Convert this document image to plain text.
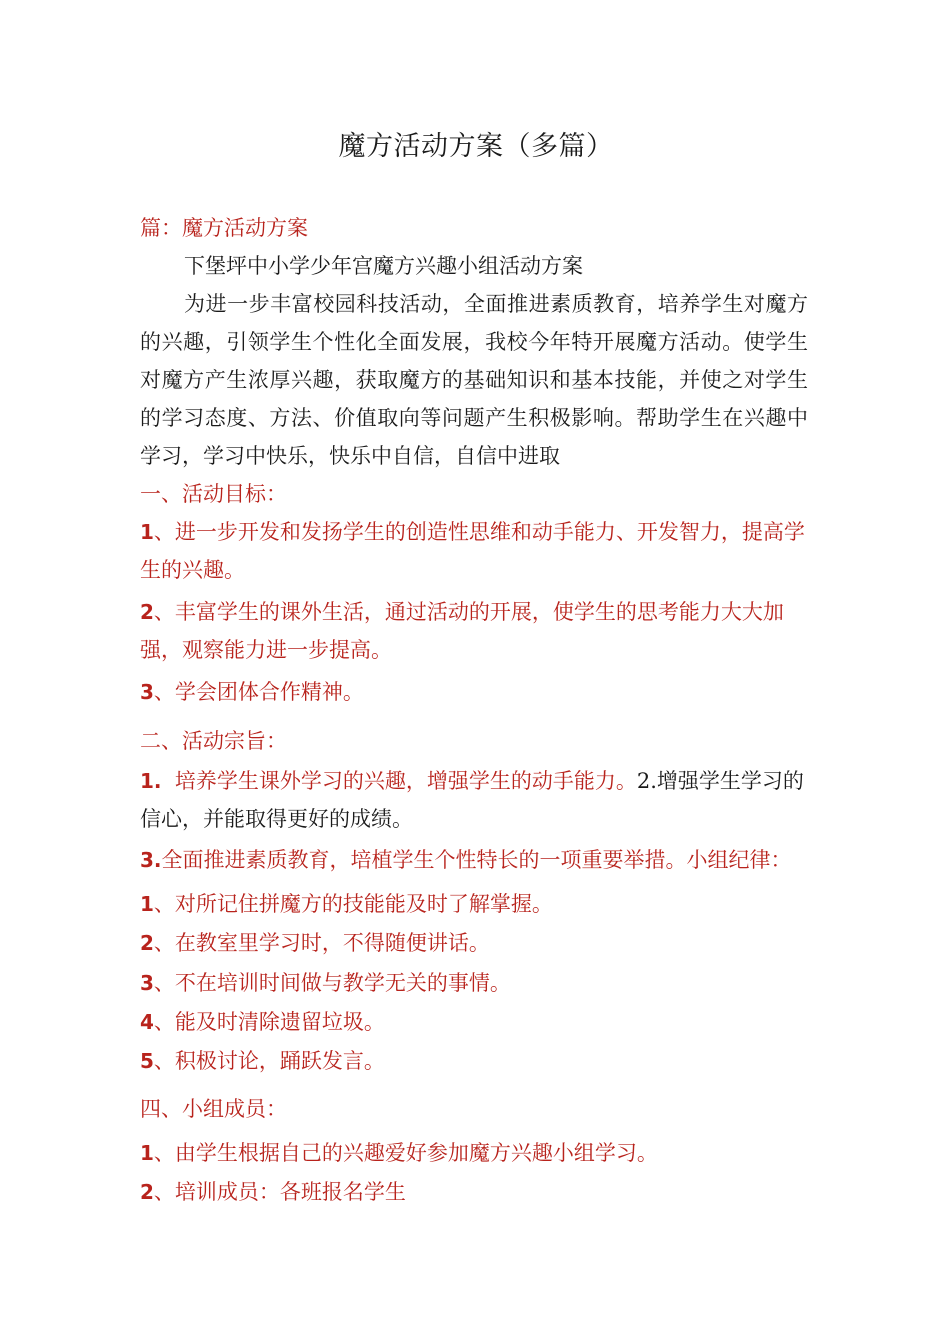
魔方活动方案（多篇）
篇：魔方活动方案
下堡坪中小学少年宫魔方兴趣小组活动方案
为进一步丰富校园科技活动，全面推进素质教育，培养学生对魔方的兴趣，引领学生个性化全面发展，我校今年特开展魔方活动。使学生对魔方产生浓厚兴趣，获取魔方的基础知识和基本技能，并使之对学生的学习态度、方法、价值取向等问题产生积极影响。帮助学生在兴趣中学习，学习中快乐，快乐中自信，自信中进取
一、活动目标：
1、进一步开发和发扬学生的创造性思维和动手能力、开发智力，提高学生的兴趣。
2、丰富学生的课外生活，通过活动的开展，使学生的思考能力大大加强，观察能力进一步提高。
3、学会团体合作精神。
二、活动宗旨：
1.  培养学生课外学习的兴趣，增强学生的动手能力。2.增强学生学习的信心，并能取得更好的成绩。
3.全面推进素质教育，培植学生个性特长的一项重要举措。小组纪律：
1、对所记住拼魔方的技能能及时了解掌握。
2、在教室里学习时，不得随便讲话。
3、不在培训时间做与教学无关的事情。
4、能及时清除遗留垃圾。
5、积极讨论，踊跃发言。
四、小组成员：
1、由学生根据自己的兴趣爱好参加魔方兴趣小组学习。
2、培训成员：各班报名学生
